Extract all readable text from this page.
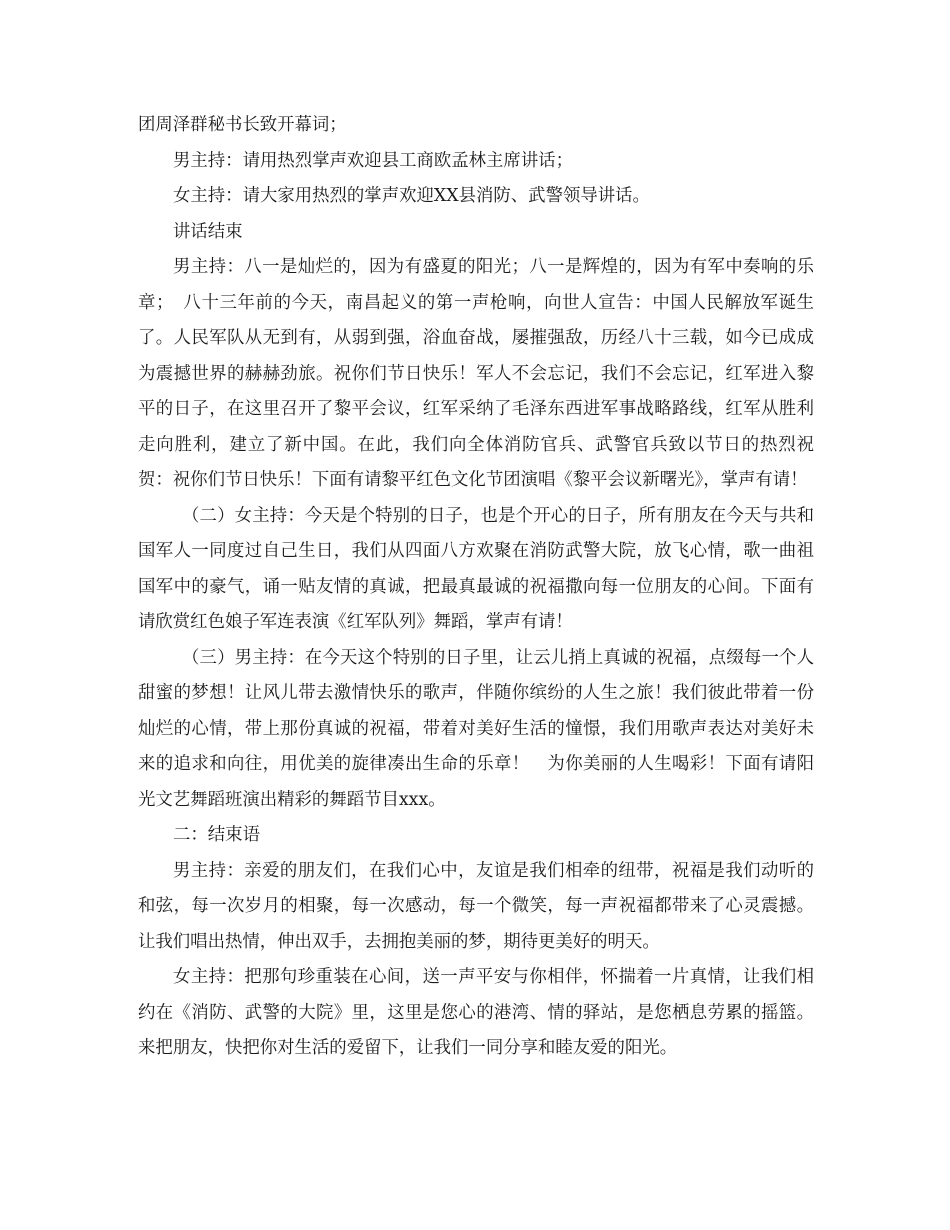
团周泽群秘书长致开幕词；

男主持：请用热烈掌声欢迎县工商欧孟林主席讲话；

女主持：请大家用热烈的掌声欢迎XX县消防、武警领导讲话。

讲话结束

男主持：八一是灿烂的，因为有盛夏的阳光；八一是辉煌的，因为有军中奏响的乐章；　八十三年前的今天，南昌起义的第一声枪响，向世人宣告：中国人民解放军诞生了。人民军队从无到有，从弱到强，浴血奋战，屡摧强敌，历经八十三载，如今已成成为震撼世界的赫赫劲旅。祝你们节日快乐！军人不会忘记，我们不会忘记，红军进入黎平的日子，在这里召开了黎平会议，红军采纳了毛泽东西进军事战略路线，红军从胜利走向胜利，建立了新中国。在此，我们向全体消防官兵、武警官兵致以节日的热烈祝贺：祝你们节日快乐！下面有请黎平红色文化节团演唱《黎平会议新曙光》，掌声有请！

（二）女主持：今天是个特别的日子，也是个开心的日子，所有朋友在今天与共和国军人一同度过自己生日，我们从四面八方欢聚在消防武警大院，放飞心情，歌一曲祖国军中的豪气，诵一贴友情的真诚，把最真最诚的祝福撒向每一位朋友的心间。下面有请欣赏红色娘子军连表演《红军队列》舞蹈，掌声有请！

（三）男主持：在今天这个特别的日子里，让云儿捎上真诚的祝福，点缀每一个人甜蜜的梦想！让风儿带去激情快乐的歌声，伴随你缤纷的人生之旅！我们彼此带着一份灿烂的心情，带上那份真诚的祝福，带着对美好生活的憧憬，我们用歌声表达对美好未来的追求和向往，用优美的旋律凑出生命的乐章！　为你美丽的人生喝彩！下面有请阳光文艺舞蹈班演出精彩的舞蹈节目xxx。

二：结束语

男主持：亲爱的朋友们，在我们心中，友谊是我们相牵的纽带，祝福是我们动听的和弦，每一次岁月的相聚，每一次感动，每一个微笑，每一声祝福都带来了心灵震撼。让我们唱出热情，伸出双手，去拥抱美丽的梦，期待更美好的明天。

女主持：把那句珍重装在心间，送一声平安与你相伴，怀揣着一片真情，让我们相约在《消防、武警的大院》里，这里是您心的港湾、情的驿站，是您栖息劳累的摇篮。来把朋友，快把你对生活的爱留下，让我们一同分享和睦友爱的阳光。
